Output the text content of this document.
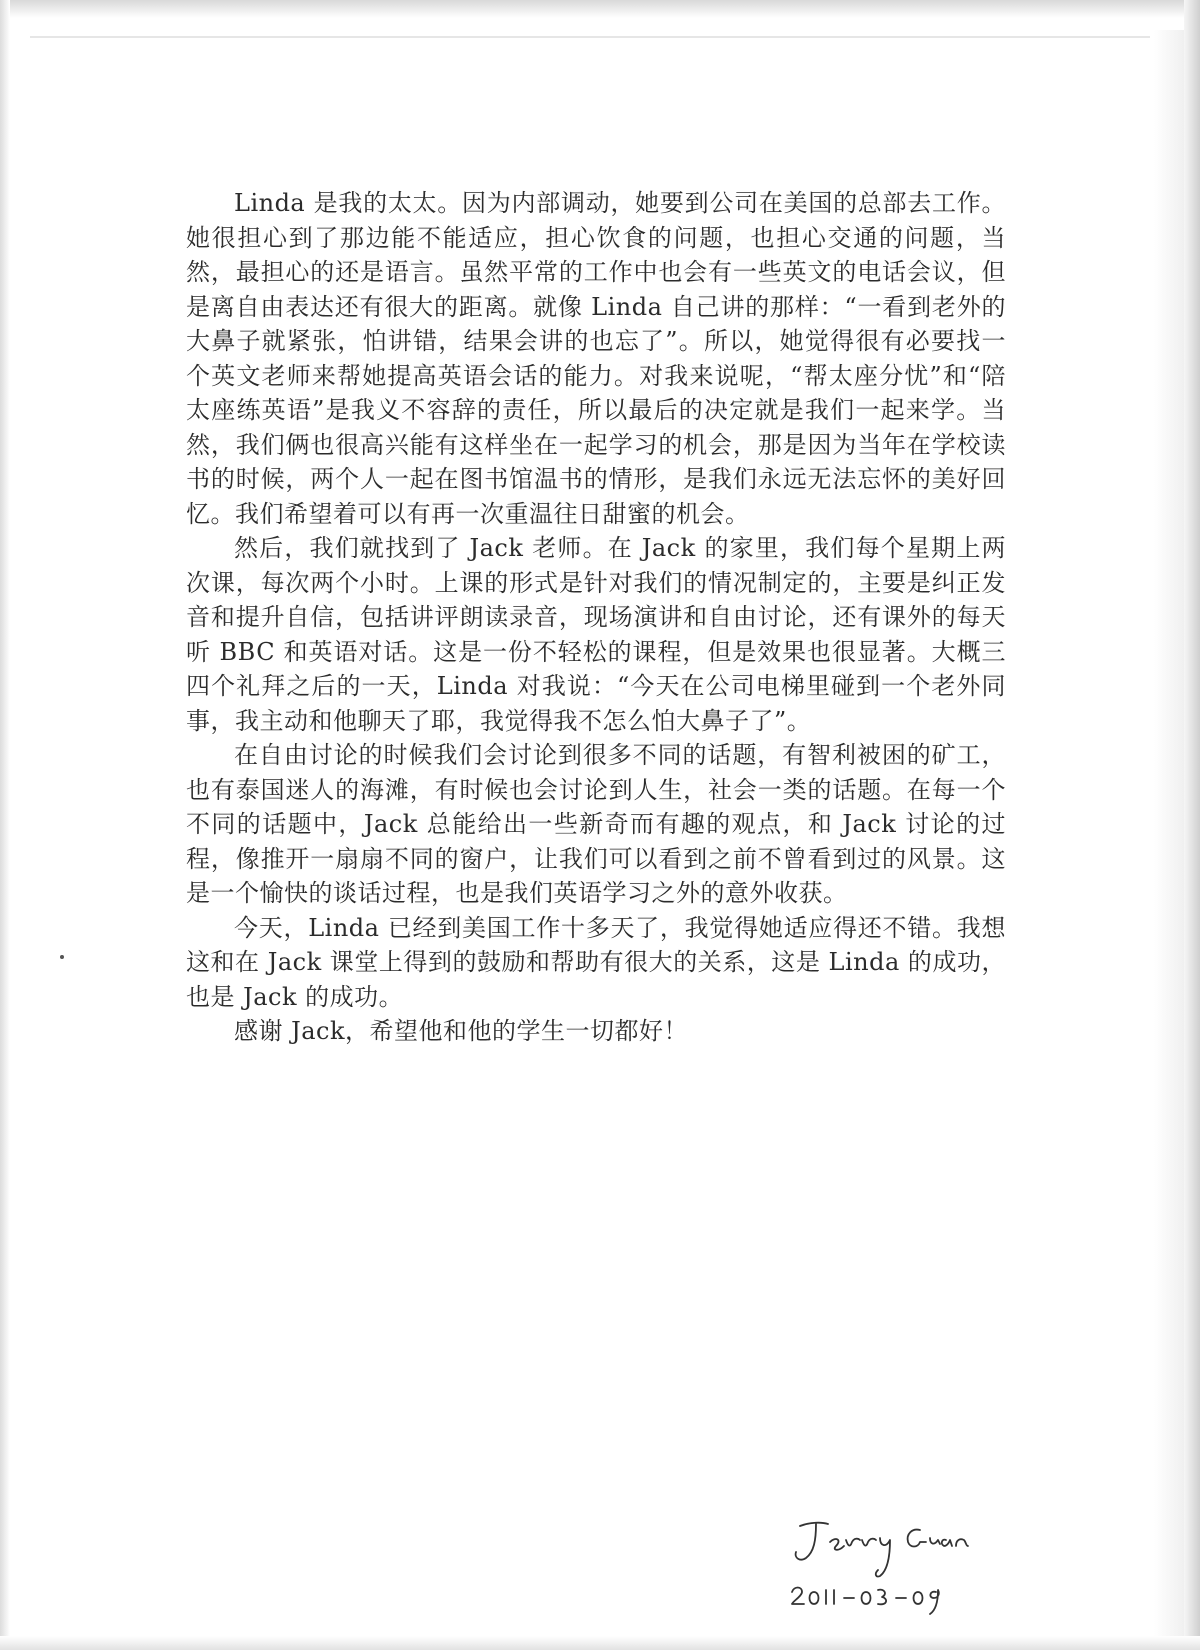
Linda 是我的太太。因为内部调动，她要到公司在美国的总部去工作。她很担心到了那边能不能适应，担心饮食的问题，也担心交通的问题，当然，最担心的还是语言。虽然平常的工作中也会有一些英文的电话会议，但是离自由表达还有很大的距离。就像 Linda 自己讲的那样：“一看到老外的大鼻子就紧张，怕讲错，结果会讲的也忘了”。所以，她觉得很有必要找一个英文老师来帮她提高英语会话的能力。对我来说呢，“帮太座分忧”和“陪太座练英语”是我义不容辞的责任，所以最后的决定就是我们一起来学。当然，我们俩也很高兴能有这样坐在一起学习的机会，那是因为当年在学校读书的时候，两个人一起在图书馆温书的情形，是我们永远无法忘怀的美好回忆。我们希望着可以有再一次重温往日甜蜜的机会。

然后，我们就找到了 Jack 老师。在 Jack 的家里，我们每个星期上两次课，每次两个小时。上课的形式是针对我们的情况制定的，主要是纠正发音和提升自信，包括讲评朗读录音，现场演讲和自由讨论，还有课外的每天听 BBC 和英语对话。这是一份不轻松的课程，但是效果也很显著。大概三四个礼拜之后的一天，Linda 对我说：“今天在公司电梯里碰到一个老外同事，我主动和他聊天了耶，我觉得我不怎么怕大鼻子了”。

在自由讨论的时候我们会讨论到很多不同的话题，有智利被困的矿工，也有泰国迷人的海滩，有时候也会讨论到人生，社会一类的话题。在每一个不同的话题中，Jack 总能给出一些新奇而有趣的观点，和 Jack 讨论的过程，像推开一扇扇不同的窗户，让我们可以看到之前不曾看到过的风景。这是一个愉快的谈话过程，也是我们英语学习之外的意外收获。

今天，Linda 已经到美国工作十多天了，我觉得她适应得还不错。我想这和在 Jack 课堂上得到的鼓励和帮助有很大的关系，这是 Linda 的成功，也是 Jack 的成功。

感谢 Jack，希望他和他的学生一切都好！
